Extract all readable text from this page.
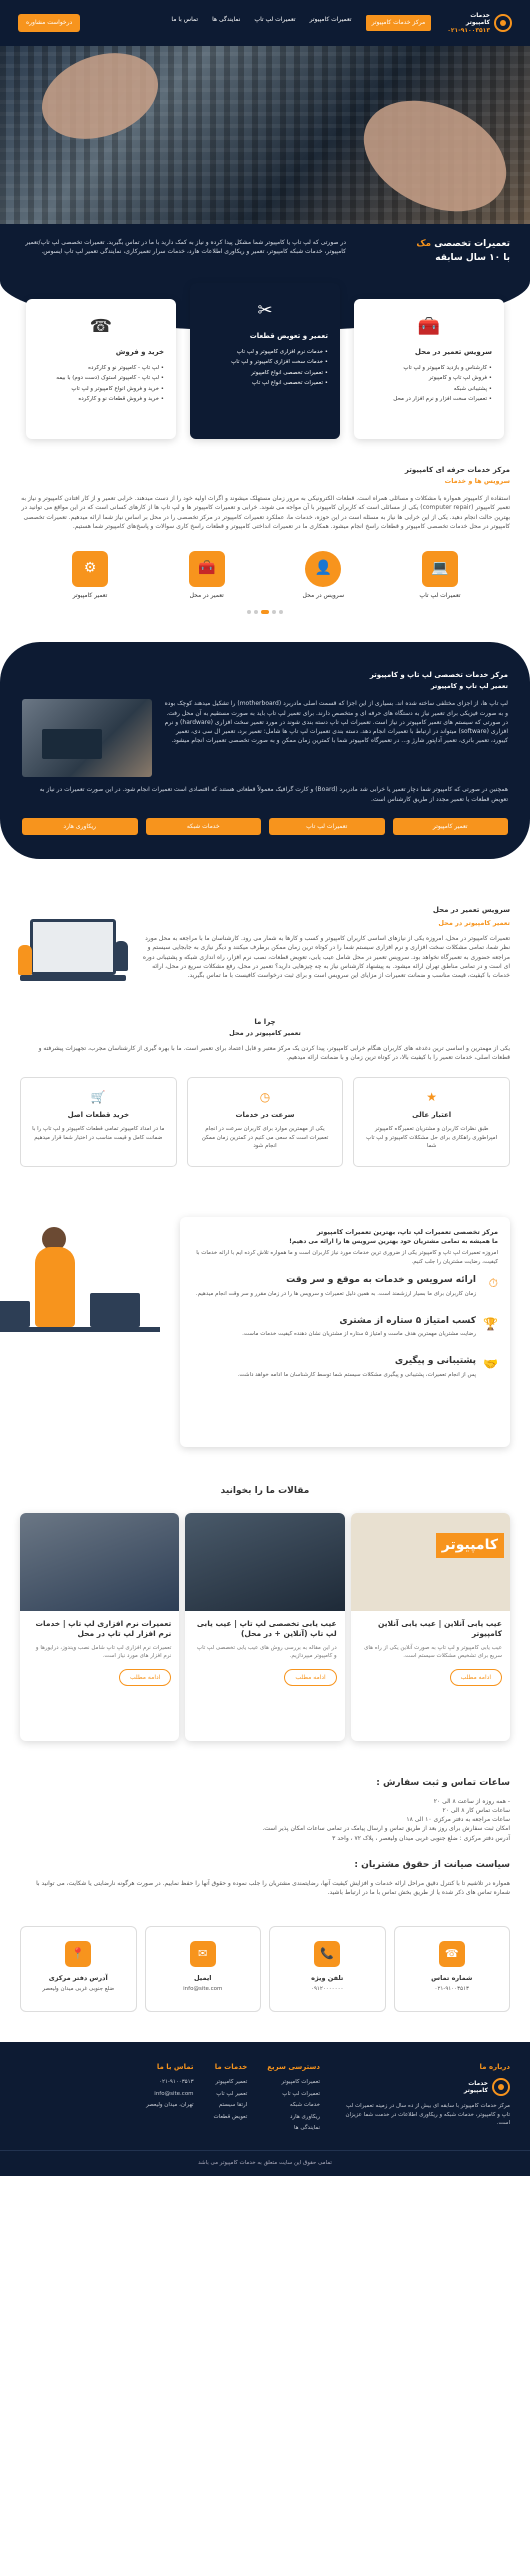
خدمات
کامپیوتر
۰۲۱-۹۱۰۰۳۵۱۳
مرکز خدمات کامپیوتر
تعمیرات کامپیوتر
تعمیرات لپ تاپ
نمایندگی ها
تماس با ما
درخواست مشاوره
تعمیرات تخصصی مک
با ۱۰ سال سابقه

در صورتی که لپ تاپ یا کامپیوتر شما مشکل پیدا کرده و نیاز به کمک دارید با ما در تماس بگیرید. تعمیرات تخصصی لپ تاپ/تعمیر کامپیوتر، خدمات شبکه کامپیوتر، تعمیر و ریکاوری اطلاعات هارد، خدمات سرار تعمیرکاری، نمایندگی تعمیر لپ تاپ ایسوس.

🧰
سرویس تعمیر در محل
• کارشناس و بازدید کامپیوتر و لپ تاپ
• فروش لپ تاپ و کامپیوتر
• پشتیبانی شبکه
• تعمیرات سخت افزار و نرم افزار در محل
✂
تعمیر و تعویض قطعات
• خدمات نرم افزاری کامپیوتر و لپ تاپ
• خدمات سخت افزاری کامپیوتر و لپ تاپ
• تعمیرات تخصصی انواع کامپیوتر
• تعمیرات تخصصی انواع لپ تاپ
☎
خرید و فروش
• لپ تاپ - کامپیوتر نو و کارکرده
• لپ تاپ - کامپیوتر استوک (دست دوم) با بیمه
• خرید و فروش انواع کامپیوتر و لپ تاپ
• خرید و فروش قطعات نو و کارکرده
مرکز خدمات حرفه ای کامپیوتر
سرویس ها و خدمات

استفاده از کامپیوتر همواره با مشکلات و مسائلی همراه است. قطعات الکترونیکی به مرور زمان مستهلک میشوند و اگراث اولیه خود را از دست میدهند. خرابی تعمیر و از کار افتادن کامپیوتر و نیاز به تعمیر کامپیوتر (computer repair) یکی از مسائلی است که کاربران کامپیوتر با آن مواجه می شوند. خرابی و تعمیرات کامپیوتر ها و لپ تاپ ها از کارهای کسانی است که در این مواقع می توانید در بهترین حالت انجام دهید. یکی از این خرابی ها نیاز به مسئله است در این حوزه، خدمات ما، عملکرد تعمیرات کامپیوتر در مرکز تخصصی را در محل بر اساس نیاز شما ارائه میدهیم. تعمیرات تخصصی کامپیوتر در محل خدمات تخصصی کامپیوتر و قطعات راسخ انجام میشود. همکاری ما در تعمیرات انداختی کامپیوتر و قطعات راسخ کاری سوالات و پاسخ‌های کامپیوتر شما هستیم.

💻
تعمیرات لپ تاپ
👤
سرویس در محل
🧰
تعمیر در محل
⚙
تعمیر کامپیوتر
مرکز خدمات تخصصی لپ تاپ و کامپیوتر
تعمیر لپ تاپ و کامپیوتر

لپ تاپ ها، از اجزای مختلفی ساخته شده اند. بسیاری از این اجزا که قسمت اصلی مادربرد (motherboard) را تشکیل میدهند کوچک بوده و به صورت فیزیکی برای تعمیر نیاز به دستگاه های حرفه ای و متخصص دارند. برای تعمیر لپ تاپ باید به صورت مستقیم به آن محل رفت. در صورتی که سیستم های تعمیر کامپیوتر در نیاز است. تعمیرات لپ تاپ دسته بندی شوند در مورد تعمیر سخت افزاری (hardware) و نرم افزاری (software) میتواند در ارتباط با تعمیرات انجام دهد. دسته بندی تعمیرات لپ تاپ ها شامل: تعمیر برد، تعمیر ال سی دی، تعمیر کیبورد، تعمیر باتری، تعمیر آداپتور شارژ و... در تعمیرگاه کامپیوتر شما با کمترین زمان ممکن و به صورت تخصصی تعمیرات انجام میشود.

همچنین در صورتی که کامپیوتر شما دچار تعمیر یا خرابی شد مادربرد (Board) و کارت گرافیک معمولاً قطعاتی هستند که اقتصادی است تعمیرات انجام شود. در این صورت تعمیرات در نیاز به تعویض قطعات یا تعمیر مجدد از طریق کارشناس است.

تعمیر کامپیوتر
تعمیرات لپ تاپ
خدمات شبکه
ریکاوری هارد
سرویس تعمیر در محل
تعمیر کامپیوتر در محل

تعمیرات کامپیوتر در محل، امروزه یکی از نیازهای اساسی کاربران کامپیوتر و کسب و کارها به شمار می رود. کارشناسان ما با مراجعه به محل مورد نظر شما، تمامی مشکلات سخت افزاری و نرم افزاری سیستم شما را در کوتاه ترین زمان ممکن برطرف میکنند و دیگر نیازی به جابجایی سیستم و مراجعه حضوری به تعمیرگاه نخواهد بود. سرویس تعمیر در محل شامل عیب یابی، تعویض قطعات، نصب نرم افزار، راه اندازی شبکه و پشتیبانی دوره ای است و در تمامی مناطق تهران ارائه میشود. به پیشنهاد کارشناس نیاز به چه چیزهایی دارید؟ تعمیر در محل، رفع مشکلات سریع در محل، ارائه خدمات با کیفیت، قیمت مناسب و ضمانت تعمیرات از مزایای این سرویس است و برای ثبت درخواست کافیست با ما تماس بگیرید.

چرا ما
تعمیر کامپیوتر در محل

یکی از مهمترین و اساسی ترین دغدغه های کاربران هنگام خرابی کامپیوتر، پیدا کردن یک مرکز معتبر و قابل اعتماد برای تعمیر است. ما با بهره گیری از کارشناسان مجرب، تجهیزات پیشرفته و قطعات اصلی، خدمات تعمیر را با کیفیت بالا، در کوتاه ترین زمان و با ضمانت ارائه میدهیم.

★
اعتبار عالی

طبق نظرات کاربران و مشتریان تعمیرگاه کامپیوتر امپراطوری راهکاری برای حل مشکلات کامپیوتر و لپ تاپ شما

◷
سرعت در خدمات

یکی از مهمترین موارد برای کاربران سرعت در انجام تعمیرات است که سعی می کنیم در کمترین زمان ممکن انجام شود

🛒
خرید قطعات اصل

ما در امداد کامپیوتر تمامی قطعات کامپیوتر و لپ تاپ را با ضمانت کامل و قیمت مناسب در اختیار شما قرار میدهیم

مرکز تخصصی تعمیرات لپ تاپ، بهترین تعمیرات کامپیوتر
ما همیشه به تمامی مشتریان خود بهترین سرویس ها را ارائه می دهیم!

امروزه تعمیرات لپ تاپ و کامپیوتر یکی از ضروری ترین خدمات مورد نیاز کاربران است و ما همواره تلاش کرده ایم با ارائه خدمات با کیفیت، رضایت مشتریان را جلب کنیم.

⏱
ارائه سرویس و خدمات به موقع و سر وقت

زمان کاربران برای ما بسیار ارزشمند است. به همین دلیل تعمیرات و سرویس ها را در زمان مقرر و سر وقت انجام میدهیم.

🏆
کسب امتیاز ۵ ستاره از مشتری

رضایت مشتریان مهمترین هدف ماست و امتیاز ۵ ستاره از مشتریان نشان دهنده کیفیت خدمات ماست.

🤝
پشتیبانی و پیگیری

پس از انجام تعمیرات، پشتیبانی و پیگیری مشکلات سیستم شما توسط کارشناسان ما ادامه خواهد داشت.

مقالات ما را بخوانید
کامپیوتر
عیب یابی آنلاین | عیب یابی آنلاین کامپیوتر

عیب یابی کامپیوتر و لپ تاپ به صورت آنلاین یکی از راه های سریع برای تشخیص مشکلات سیستم است.

ادامه مطلب
عیب یابی تخصصی لپ تاپ | عیب یابی لپ تاپ (آنلاین + در محل)

در این مقاله به بررسی روش های عیب یابی تخصصی لپ تاپ و کامپیوتر میپردازیم.

ادامه مطلب
تعمیرات نرم افزاری لپ تاپ | خدمات نرم افزار لپ تاپ در محل

تعمیرات نرم افزاری لپ تاپ شامل نصب ویندوز، درایورها و نرم افزار های مورد نیاز است.

ادامه مطلب
ساعات تماس و ثبت سفارش :

- همه روزه از ساعت ۸ الی ۲۰

ساعات تماس کار ۸ الی ۲۰

ساعات مراجعه به دفتر مرکزی ۱۰ الی ۱۸

امکان ثبت سفارش برای روز بعد از طریق تماس و ارسال پیامک در تمامی ساعات امکان پذیر است.

آدرس دفتر مرکزی : ضلع جنوبی غربی میدان ولیعصر ، پلاک ۷۲ ، واحد ۳

سیاست صیانت از حقوق مشتریان :

همواره در تلاشیم تا با کنترل دقیق مراحل ارائه خدمات و افزایش کیفیت آنها، رضایتمندی مشتریان را جلب نموده و حقوق آنها را حفظ نماییم. در صورت هرگونه نارضایتی یا شکایت، می توانید با شماره تماس های ذکر شده یا از طریق بخش تماس با ما در ارتباط باشید.

☎
شماره تماس

۰۲۱-۹۱۰۰۳۵۱۳

📞
تلفن ویژه

۰۹۱۲۰۰۰۰۰۰۰

✉
ایمیل

info@site.com

📍
آدرس دفتر مرکزی

ضلع جنوبی غربی میدان ولیعصر

درباره ما
خدمات
کامپیوتر

مرکز خدمات کامپیوتر با سابقه ای بیش از ده سال در زمینه تعمیرات لپ تاپ و کامپیوتر، خدمات شبکه و ریکاوری اطلاعات در خدمت شما عزیزان است.

دسترسی سریع
تعمیرات کامپیوتر
تعمیرات لپ تاپ
خدمات شبکه
ریکاوری هارد
نمایندگی ها
خدمات ما
تعمیر کامپیوتر
تعمیر لپ تاپ
ارتقا سیستم
تعویض قطعات
تماس با ما
۰۲۱-۹۱۰۰۳۵۱۳
info@site.com
تهران، میدان ولیعصر
تمامی حقوق این سایت متعلق به خدمات کامپیوتر می باشد
